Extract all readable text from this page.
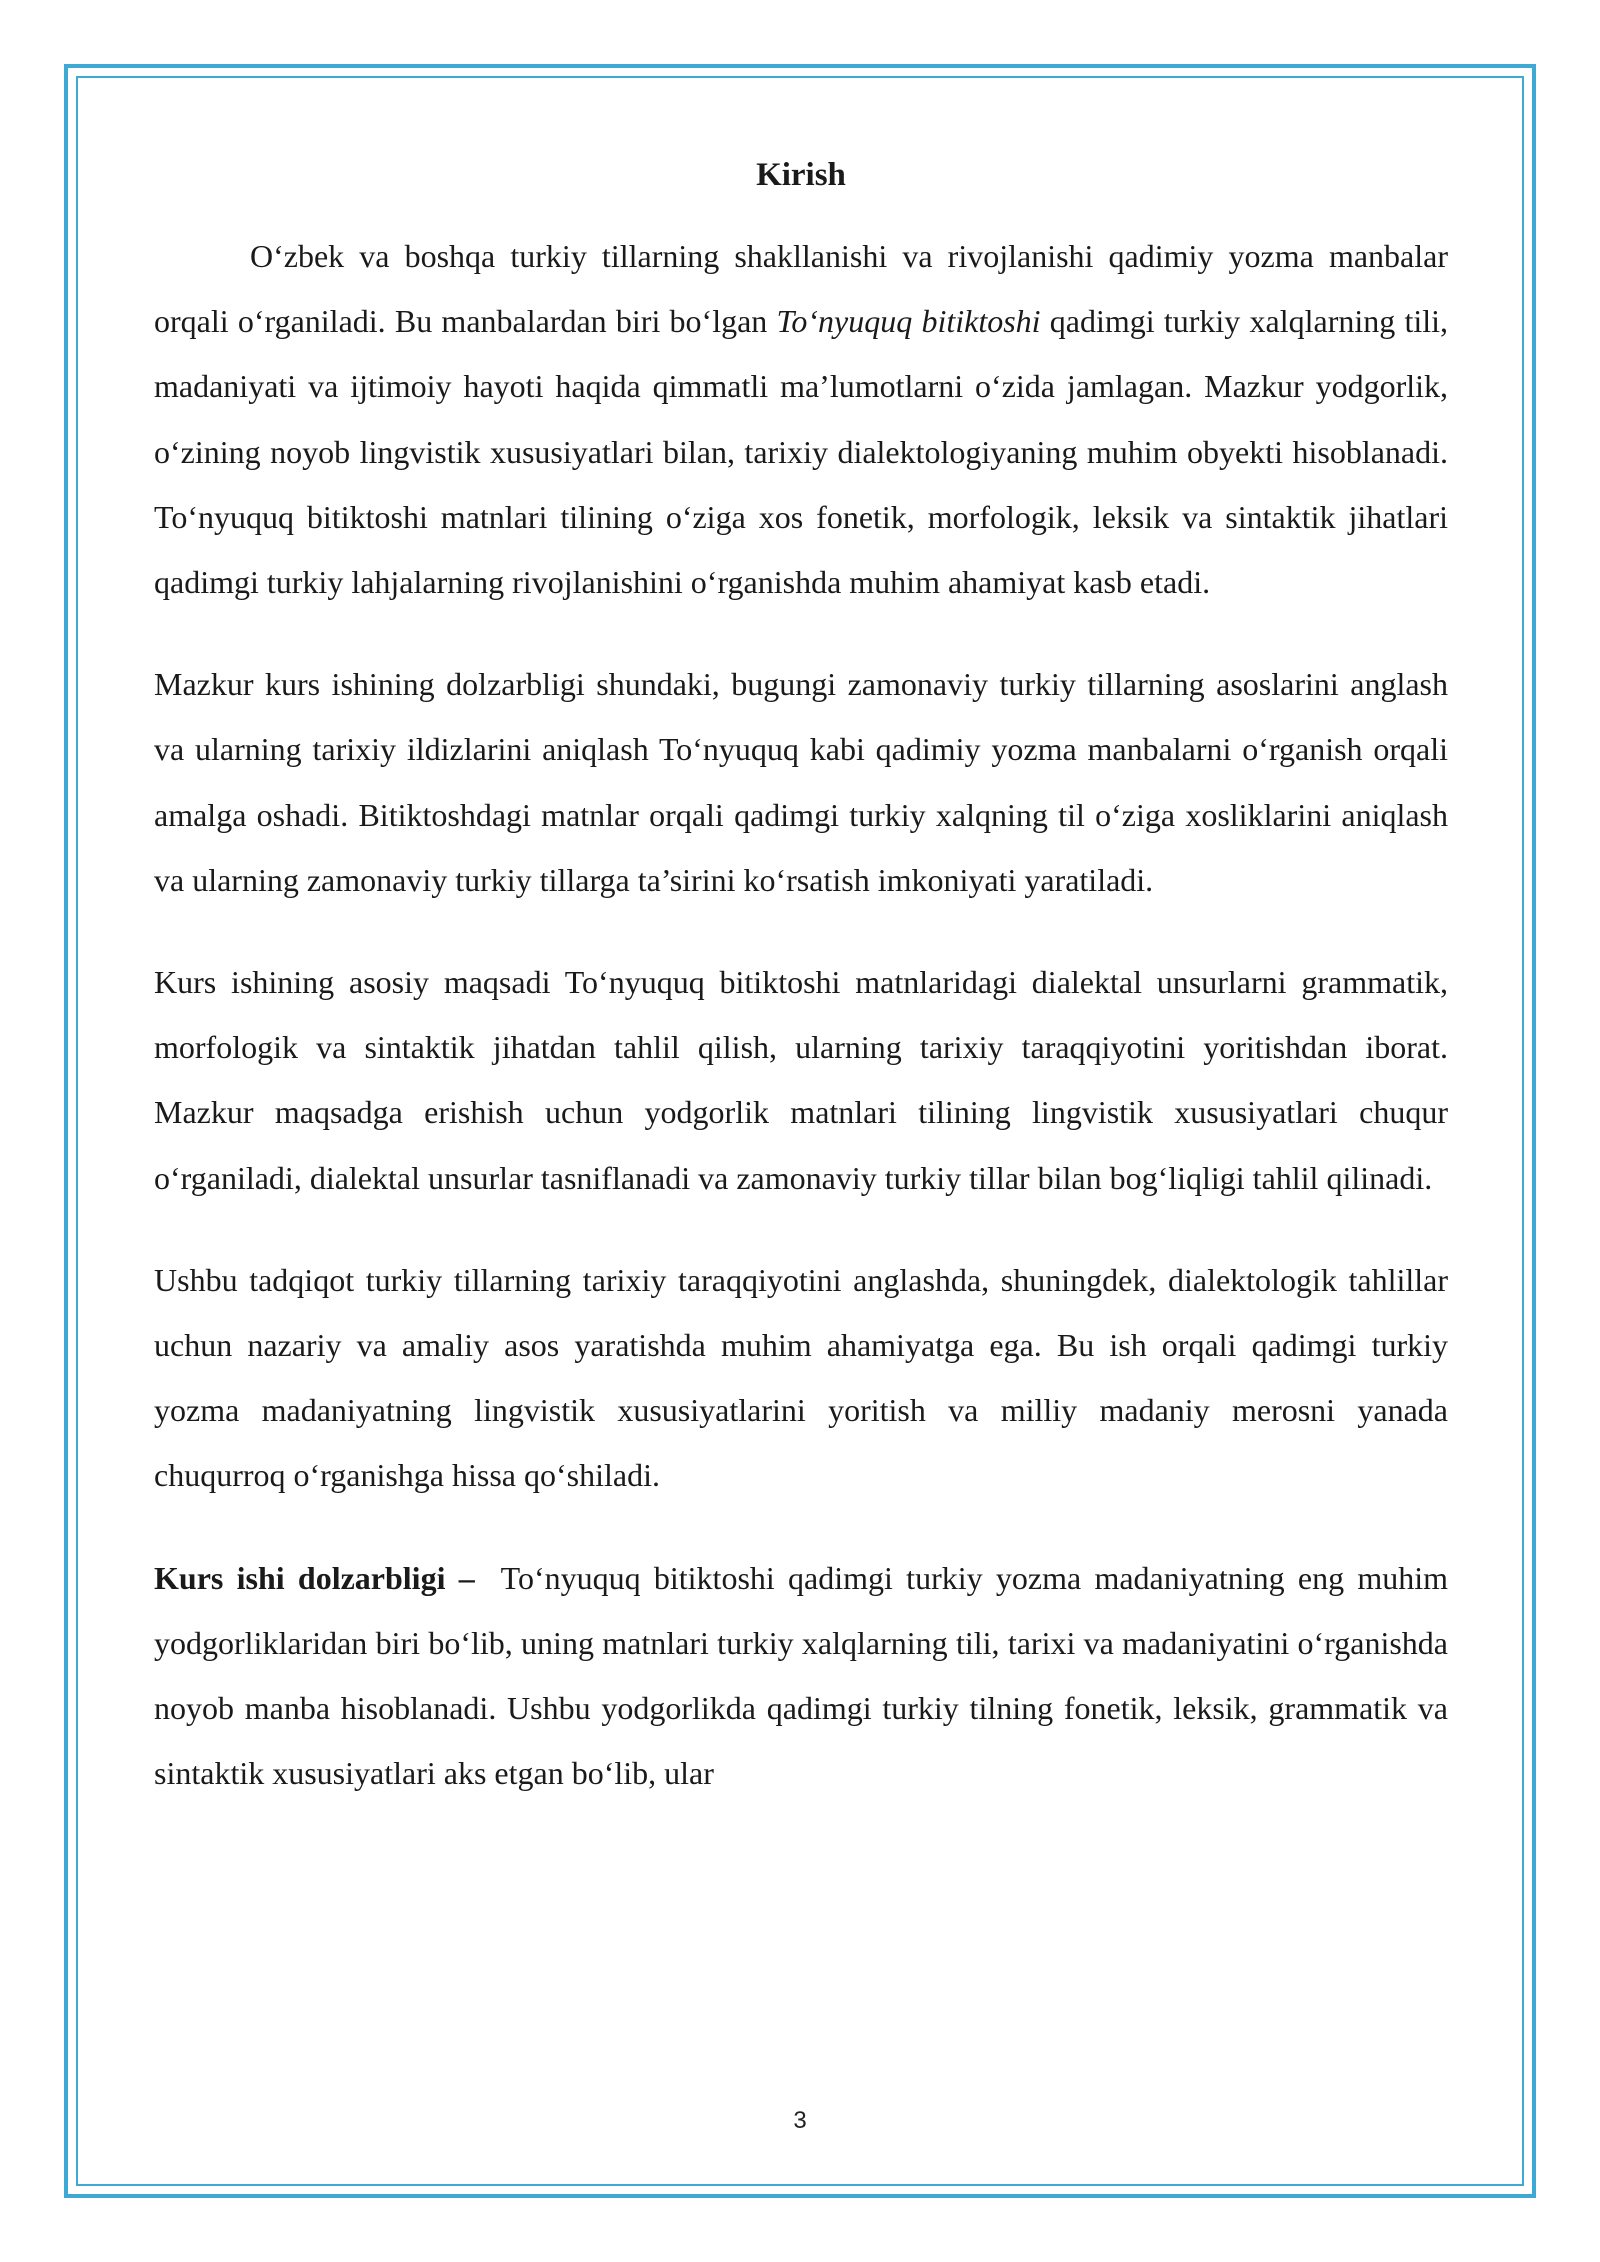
Kirish

O‘zbek va boshqa turkiy tillarning shakllanishi va rivojlanishi qadimiy yozma manbalar orqali o‘rganiladi. Bu manbalardan biri bo‘lgan To‘nyuquq bitiktoshi qadimgi turkiy xalqlarning tili, madaniyati va ijtimoiy hayoti haqida qimmatli ma’lumotlarni o‘zida jamlagan. Mazkur yodgorlik, o‘zining noyob lingvistik xususiyatlari bilan, tarixiy dialektologiyaning muhim obyekti hisoblanadi. To‘nyuquq bitiktoshi matnlari tilining o‘ziga xos fonetik, morfologik, leksik va sintaktik jihatlari qadimgi turkiy lahjalarning rivojlanishini o‘rganishda muhim ahamiyat kasb etadi.

Mazkur kurs ishining dolzarbligi shundaki, bugungi zamonaviy turkiy tillarning asoslarini anglash va ularning tarixiy ildizlarini aniqlash To‘nyuquq kabi qadimiy yozma manbalarni o‘rganish orqali amalga oshadi. Bitiktoshdagi matnlar orqali qadimgi turkiy xalqning til o‘ziga xosliklarini aniqlash va ularning zamonaviy turkiy tillarga ta’sirini ko‘rsatish imkoniyati yaratiladi.

Kurs ishining asosiy maqsadi To‘nyuquq bitiktoshi matnlaridagi dialektal unsurlarni grammatik, morfologik va sintaktik jihatdan tahlil qilish, ularning tarixiy taraqqiyotini yoritishdan iborat. Mazkur maqsadga erishish uchun yodgorlik matnlari tilining lingvistik xususiyatlari chuqur o‘rganiladi, dialektal unsurlar tasniflanadi va zamonaviy turkiy tillar bilan bog‘liqligi tahlil qilinadi.

Ushbu tadqiqot turkiy tillarning tarixiy taraqqiyotini anglashda, shuningdek, dialektologik tahlillar uchun nazariy va amaliy asos yaratishda muhim ahamiyatga ega. Bu ish orqali qadimgi turkiy yozma madaniyatning lingvistik xususiyatlarini yoritish va milliy madaniy merosni yanada chuqurroq o‘rganishga hissa qo‘shiladi.

Kurs ishi dolzarbligi –  To‘nyuquq bitiktoshi qadimgi turkiy yozma madaniyatning eng muhim yodgorliklaridan biri bo‘lib, uning matnlari turkiy xalqlarning tili, tarixi va madaniyatini o‘rganishda noyob manba hisoblanadi. Ushbu yodgorlikda qadimgi turkiy tilning fonetik, leksik, grammatik va sintaktik xususiyatlari aks etgan bo‘lib, ular

3
